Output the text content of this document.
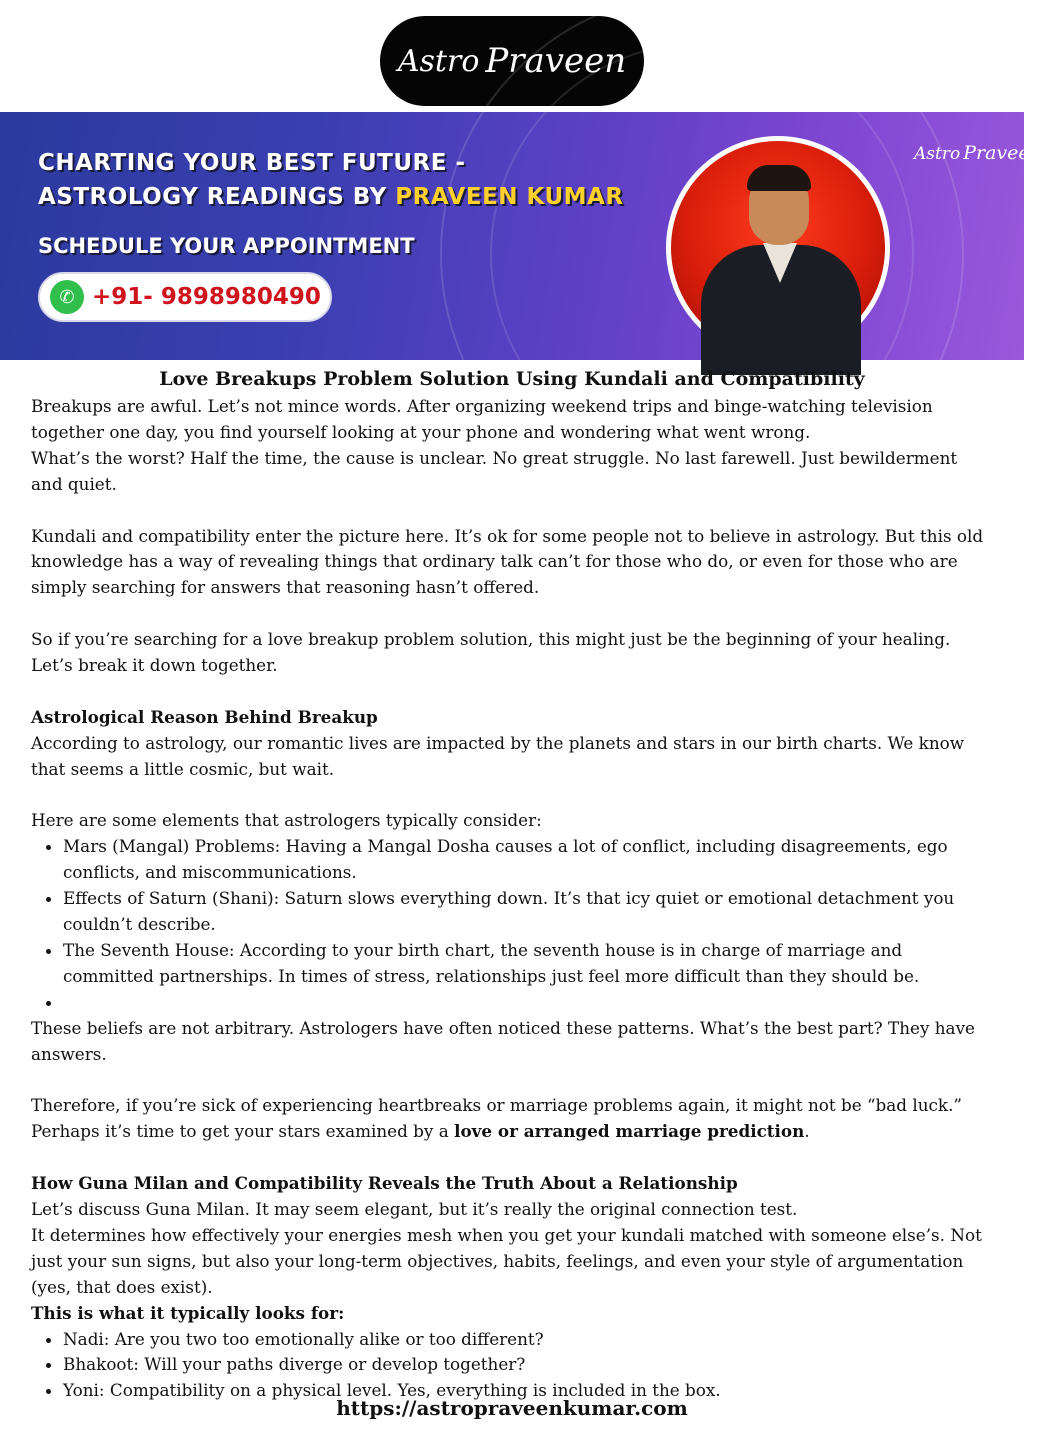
Astro Praveen
CHARTING YOUR BEST FUTURE -
ASTROLOGY READINGS BY PRAVEEN KUMAR
SCHEDULE YOUR APPOINTMENT
✆ +91- 9898980490
Astro Praveen

Love Breakups Problem Solution Using Kundali and Compatibility

Breakups are awful. Let’s not mince words. After organizing weekend trips and binge-watching television together one day, you find yourself looking at your phone and wondering what went wrong.

What’s the worst? Half the time, the cause is unclear. No great struggle. No last farewell. Just bewilderment and quiet.

Kundali and compatibility enter the picture here. It’s ok for some people not to believe in astrology. But this old knowledge has a way of revealing things that ordinary talk can’t for those who do, or even for those who are simply searching for answers that reasoning hasn’t offered.

So if you’re searching for a love breakup problem solution, this might just be the beginning of your healing. Let’s break it down together.

Astrological Reason Behind Breakup

According to astrology, our romantic lives are impacted by the planets and stars in our birth charts. We know that seems a little cosmic, but wait.

Here are some elements that astrologers typically consider:

• Mars (Mangal) Problems: Having a Mangal Dosha causes a lot of conflict, including disagreements, ego conflicts, and miscommunications.
• Effects of Saturn (Shani): Saturn slows everything down. It’s that icy quiet or emotional detachment you couldn’t describe.
• The Seventh House: According to your birth chart, the seventh house is in charge of marriage and committed partnerships. In times of stress, relationships just feel more difficult than they should be.
•

These beliefs are not arbitrary. Astrologers have often noticed these patterns. What’s the best part? They have answers.

Therefore, if you’re sick of experiencing heartbreaks or marriage problems again, it might not be “bad luck.” Perhaps it’s time to get your stars examined by a love or arranged marriage prediction.

How Guna Milan and Compatibility Reveals the Truth About a Relationship

Let’s discuss Guna Milan. It may seem elegant, but it’s really the original connection test.

It determines how effectively your energies mesh when you get your kundali matched with someone else’s. Not just your sun signs, but also your long-term objectives, habits, feelings, and even your style of argumentation (yes, that does exist).

This is what it typically looks for:

• Nadi: Are you two too emotionally alike or too different?
• Bhakoot: Will your paths diverge or develop together?
• Yoni: Compatibility on a physical level. Yes, everything is included in the box.
https://astropraveenkumar.com
